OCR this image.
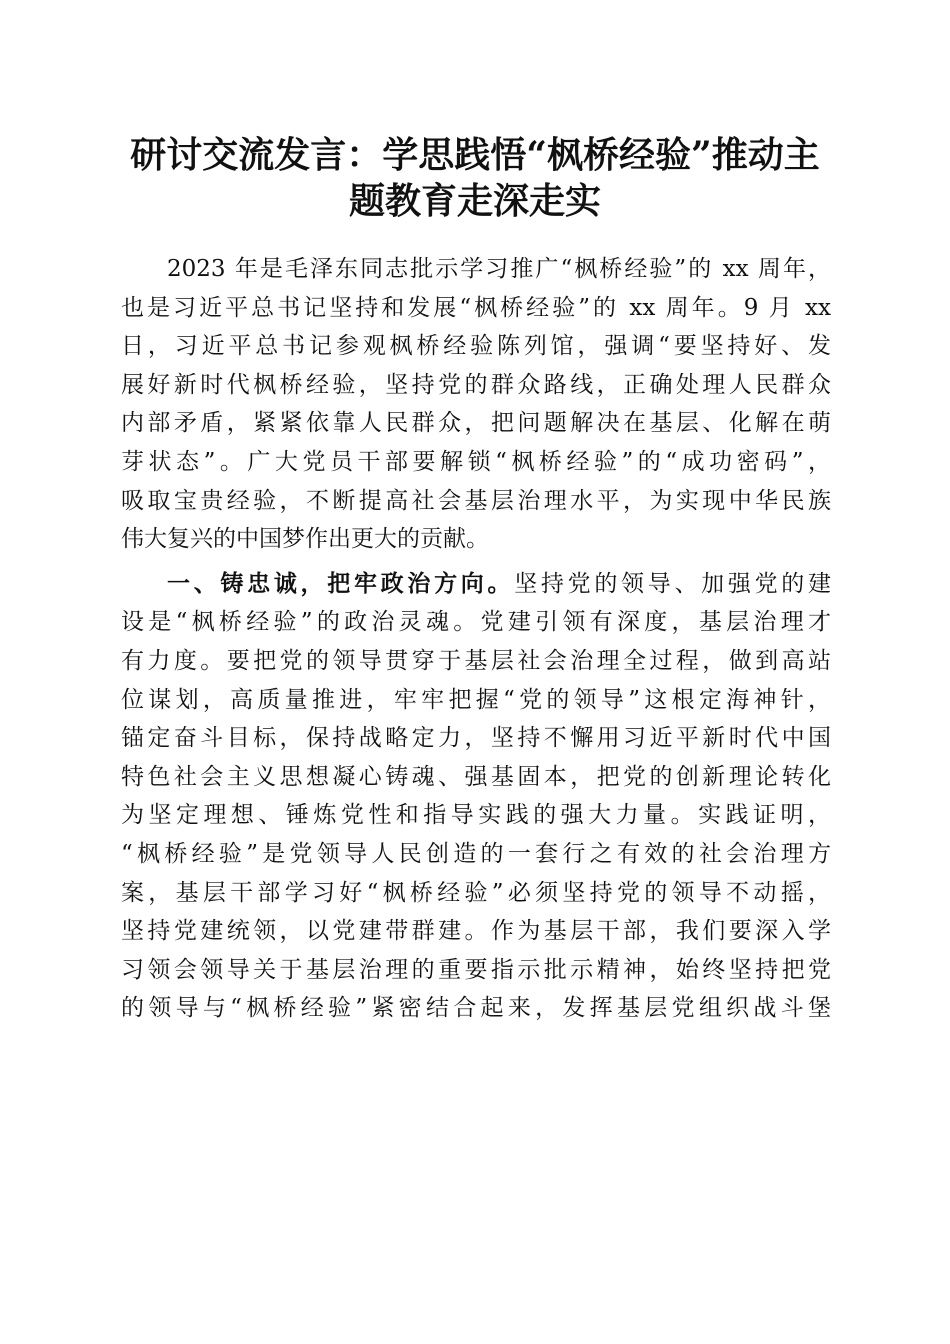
研讨交流发言：学思践悟“枫桥经验”推动主
题教育走深走实
2023 年是毛泽东同志批示学习推广“枫桥经验”的 xx 周年，
也是习近平总书记坚持和发展“枫桥经验”的 xx 周年。9 月 xx
日，习近平总书记参观枫桥经验陈列馆，强调“要坚持好、发
展好新时代枫桥经验，坚持党的群众路线，正确处理人民群众
内部矛盾，紧紧依靠人民群众，把问题解决在基层、化解在萌
芽状态”。广大党员干部要解锁“枫桥经验”的“成功密码”，
吸取宝贵经验，不断提高社会基层治理水平，为实现中华民族
伟大复兴的中国梦作出更大的贡献。
一、铸忠诚，把牢政治方向。坚持党的领导、加强党的建
设是“枫桥经验”的政治灵魂。党建引领有深度，基层治理才
有力度。要把党的领导贯穿于基层社会治理全过程，做到高站
位谋划，高质量推进，牢牢把握“党的领导”这根定海神针，
锚定奋斗目标，保持战略定力，坚持不懈用习近平新时代中国
特色社会主义思想凝心铸魂、强基固本，把党的创新理论转化
为坚定理想、锤炼党性和指导实践的强大力量。实践证明，
“枫桥经验”是党领导人民创造的一套行之有效的社会治理方
案，基层干部学习好“枫桥经验”必须坚持党的领导不动摇，
坚持党建统领，以党建带群建。作为基层干部，我们要深入学
习领会领导关于基层治理的重要指示批示精神，始终坚持把党
的领导与“枫桥经验”紧密结合起来，发挥基层党组织战斗堡
